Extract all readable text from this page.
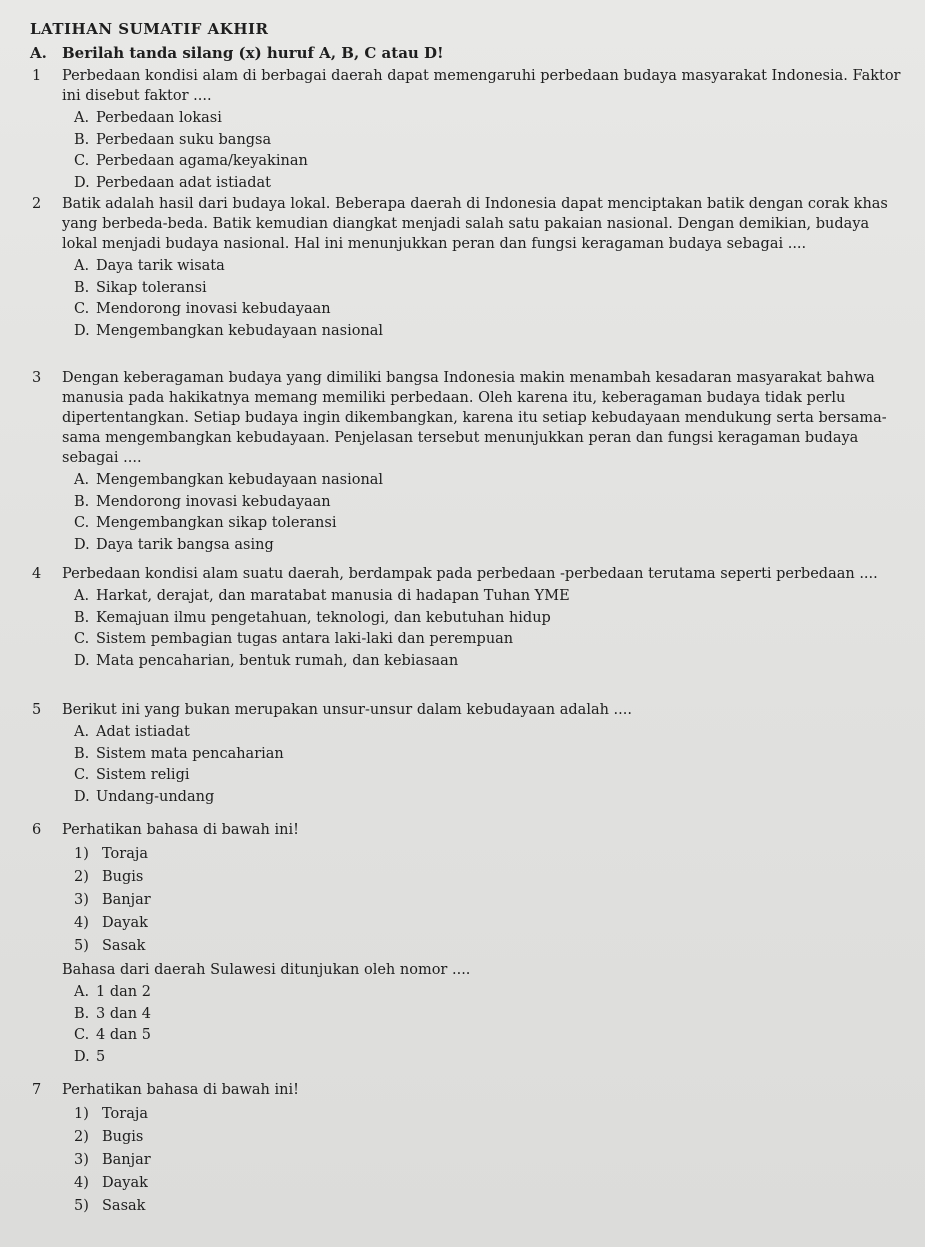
LATIHAN SUMATIF AKHIR
A. Berilah tanda silang (x) huruf A, B, C atau D!
1 Perbedaan kondisi alam di berbagai daerah dapat memengaruhi perbedaan budaya masyarakat Indonesia. Faktor ini disebut faktor ....
A. Perbedaan lokasi
B. Perbedaan suku bangsa
C. Perbedaan agama/keyakinan
D. Perbedaan adat istiadat
2 Batik adalah hasil dari budaya lokal. Beberapa daerah di Indonesia dapat menciptakan batik dengan corak khas yang berbeda-beda. Batik kemudian diangkat menjadi salah satu pakaian nasional. Dengan demikian, budaya lokal menjadi budaya nasional. Hal ini menunjukkan peran dan fungsi keragaman budaya sebagai ....
A. Daya tarik wisata
B. Sikap toleransi
C. Mendorong inovasi kebudayaan
D. Mengembangkan kebudayaan nasional
3 Dengan keberagaman budaya yang dimiliki bangsa Indonesia makin menambah kesadaran masyarakat bahwa manusia pada hakikatnya memang memiliki perbedaan. Oleh karena itu, keberagaman budaya tidak perlu dipertentangkan. Setiap budaya ingin dikembangkan, karena itu setiap kebudayaan mendukung serta bersama-sama mengembangkan kebudayaan. Penjelasan tersebut menunjukkan peran dan fungsi keragaman budaya sebagai ....
A. Mengembangkan kebudayaan nasional
B. Mendorong inovasi kebudayaan
C. Mengembangkan sikap toleransi
D. Daya tarik bangsa asing
4 Perbedaan kondisi alam suatu daerah, berdampak pada perbedaan -perbedaan terutama seperti perbedaan ....
A. Harkat, derajat, dan maratabat manusia di hadapan Tuhan YME
B. Kemajuan ilmu pengetahuan, teknologi, dan kebutuhan hidup
C. Sistem pembagian tugas antara laki-laki dan perempuan
D. Mata pencaharian, bentuk rumah, dan kebiasaan
5 Berikut ini yang bukan merupakan unsur-unsur dalam kebudayaan adalah ....
A. Adat istiadat
B. Sistem mata pencaharian
C. Sistem religi
D. Undang-undang
6 Perhatikan bahasa di bawah ini!
1) Toraja
2) Bugis
3) Banjar
4) Dayak
5) Sasak
Bahasa dari daerah Sulawesi ditunjukan oleh nomor ....
A. 1 dan 2
B. 3 dan 4
C. 4 dan 5
D. 5
7 Perhatikan bahasa di bawah ini!
1) Toraja
2) Bugis
3) Banjar
4) Dayak
5) Sasak
